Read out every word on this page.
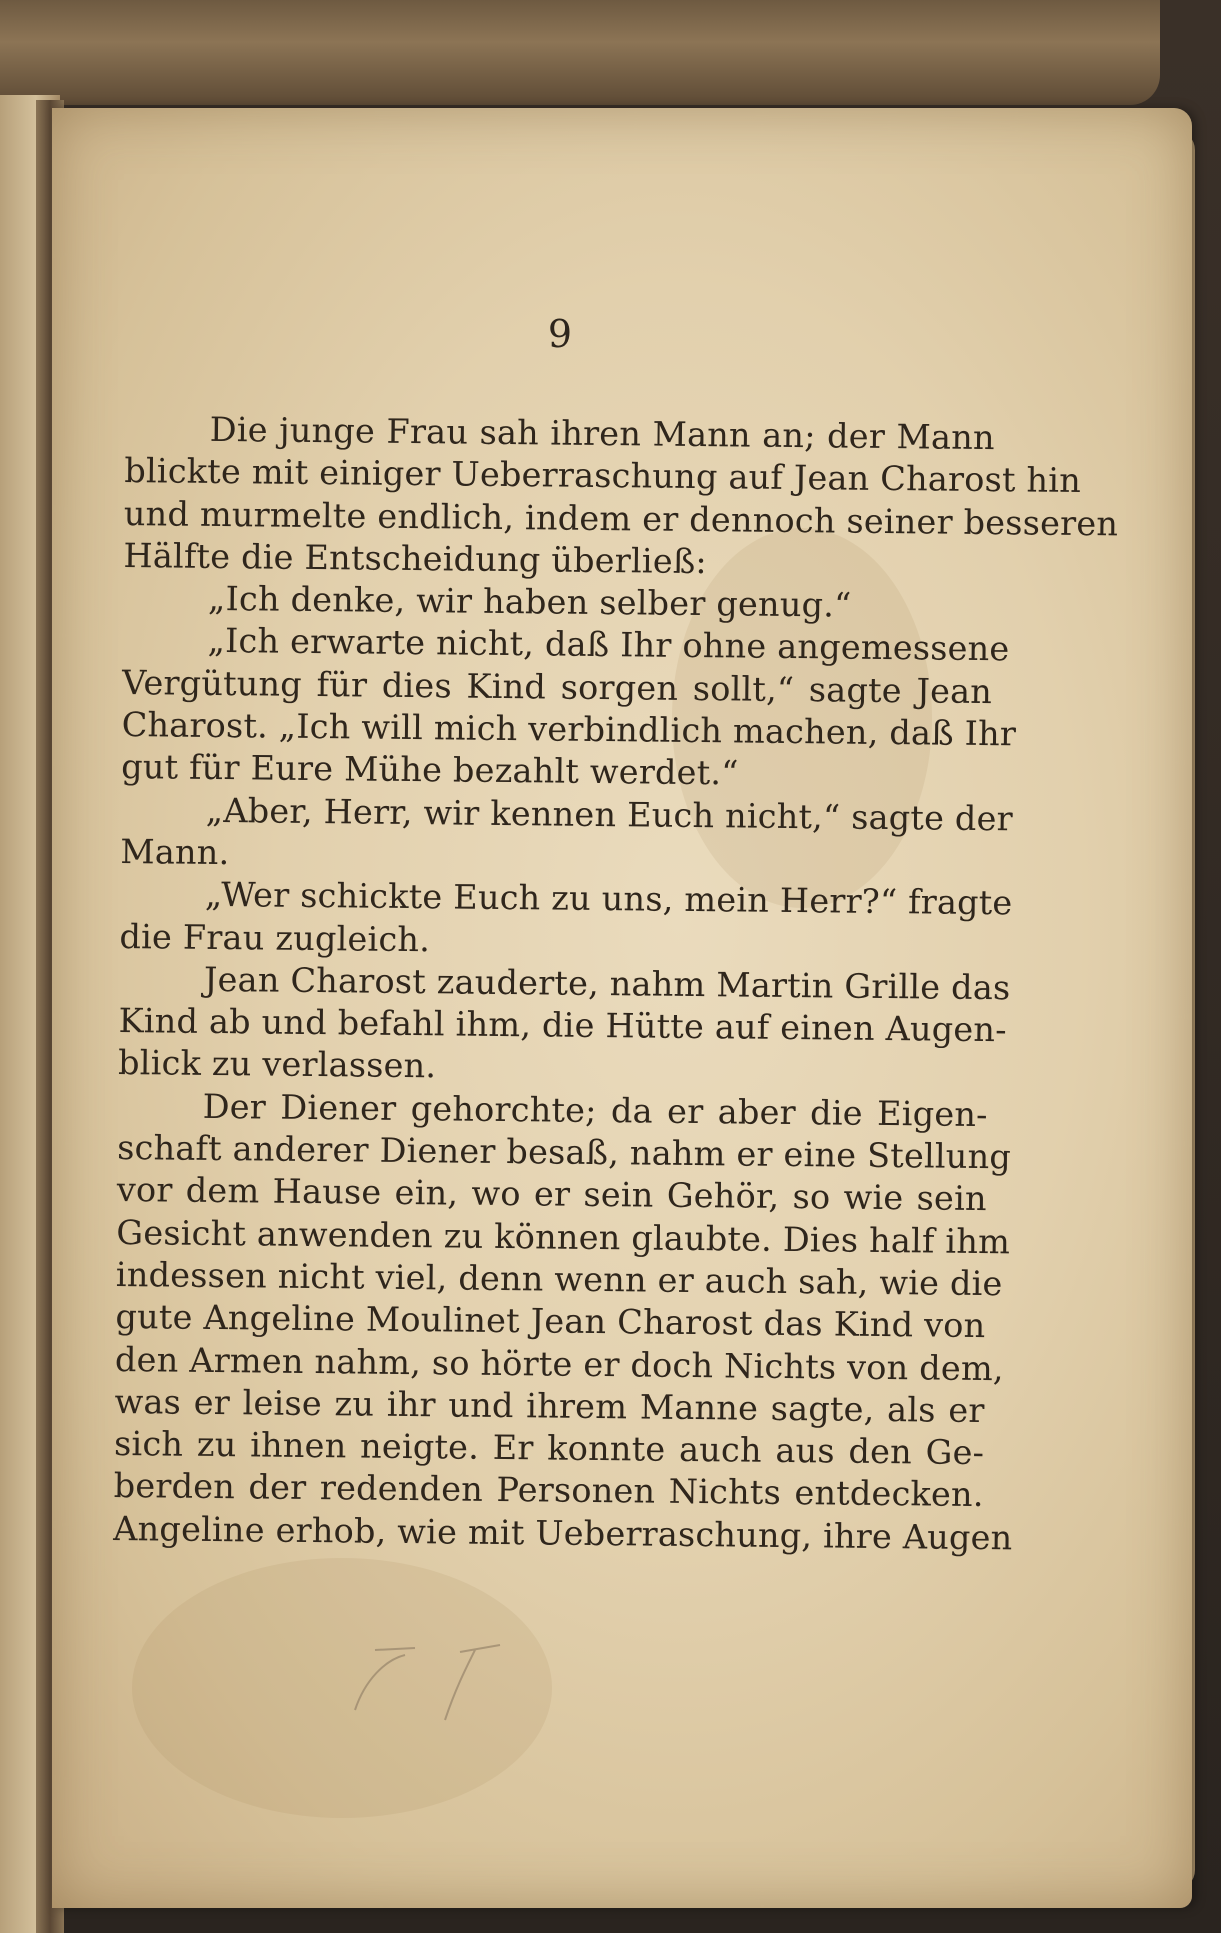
9
Die junge Frau sah ihren Mann an; der Mann
blickte mit einiger Ueberraschung auf Jean Charost hin
und murmelte endlich, indem er dennoch seiner besseren
Hälfte die Entscheidung überließ:
„Ich denke, wir haben selber genug.“
„Ich erwarte nicht, daß Ihr ohne angemessene
Vergütung für dies Kind sorgen sollt,“ sagte Jean
Charost. „Ich will mich verbindlich machen, daß Ihr
gut für Eure Mühe bezahlt werdet.“
„Aber, Herr, wir kennen Euch nicht,“ sagte der
Mann.
„Wer schickte Euch zu uns, mein Herr?“ fragte
die Frau zugleich.
Jean Charost zauderte, nahm Martin Grille das
Kind ab und befahl ihm, die Hütte auf einen Augen-
blick zu verlassen.
Der Diener gehorchte; da er aber die Eigen-
schaft anderer Diener besaß, nahm er eine Stellung
vor dem Hause ein, wo er sein Gehör, so wie sein
Gesicht anwenden zu können glaubte. Dies half ihm
indessen nicht viel, denn wenn er auch sah, wie die
gute Angeline Moulinet Jean Charost das Kind von
den Armen nahm, so hörte er doch Nichts von dem,
was er leise zu ihr und ihrem Manne sagte, als er
sich zu ihnen neigte. Er konnte auch aus den Ge-
berden der redenden Personen Nichts entdecken.
Angeline erhob, wie mit Ueberraschung, ihre Augen
